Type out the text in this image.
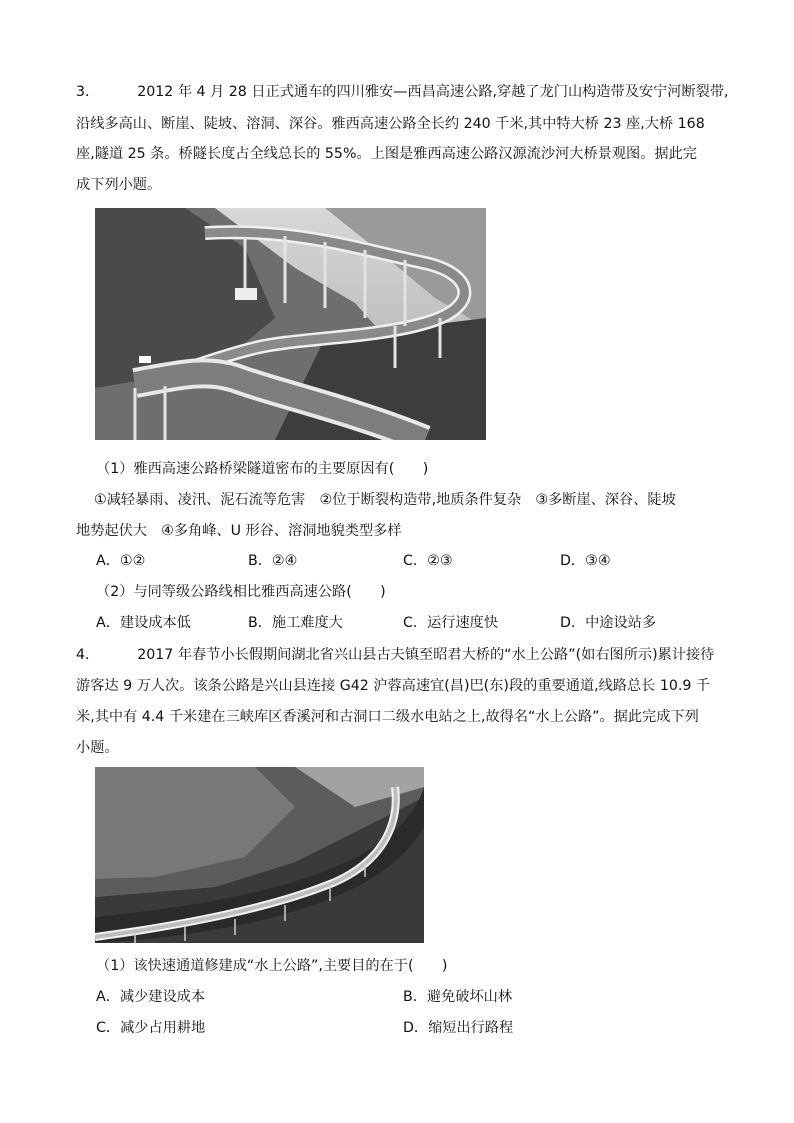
3．	2012 年 4 月 28 日正式通车的四川雅安—西昌高速公路,穿越了龙门山构造带及安宁河断裂带,
沿线多高山、断崖、陡坡、溶洞、深谷。雅西高速公路全长约 240 千米,其中特大桥 23 座,大桥 168
座,隧道 25 条。桥隧长度占全线总长的 55%。上图是雅西高速公路汉源流沙河大桥景观图。据此完
成下列小题。
（1）雅西高速公路桥梁隧道密布的主要原因有(　　)
①减轻暴雨、凌汛、泥石流等危害　②位于断裂构造带,地质条件复杂　③多断崖、深谷、陡坡
地势起伏大　④多角峰、U 形谷、溶洞地貌类型多样
A．①②	B．②④	C．②③	D．③④
（2）与同等级公路线相比雅西高速公路(　　)
A．建设成本低	B．施工难度大	C．运行速度快	D．中途设站多
4．	2017 年春节小长假期间湖北省兴山县古夫镇至昭君大桥的“水上公路”(如右图所示)累计接待
游客达 9 万人次。该条公路是兴山县连接 G42 沪蓉高速宜(昌)巴(东)段的重要通道,线路总长 10.9 千
米,其中有 4.4 千米建在三峡库区香溪河和古洞口二级水电站之上,故得名“水上公路”。据此完成下列
小题。
（1）该快速通道修建成“水上公路”,主要目的在于(　　)
A．减少建设成本	B．避免破坏山林
C．减少占用耕地	D．缩短出行路程
